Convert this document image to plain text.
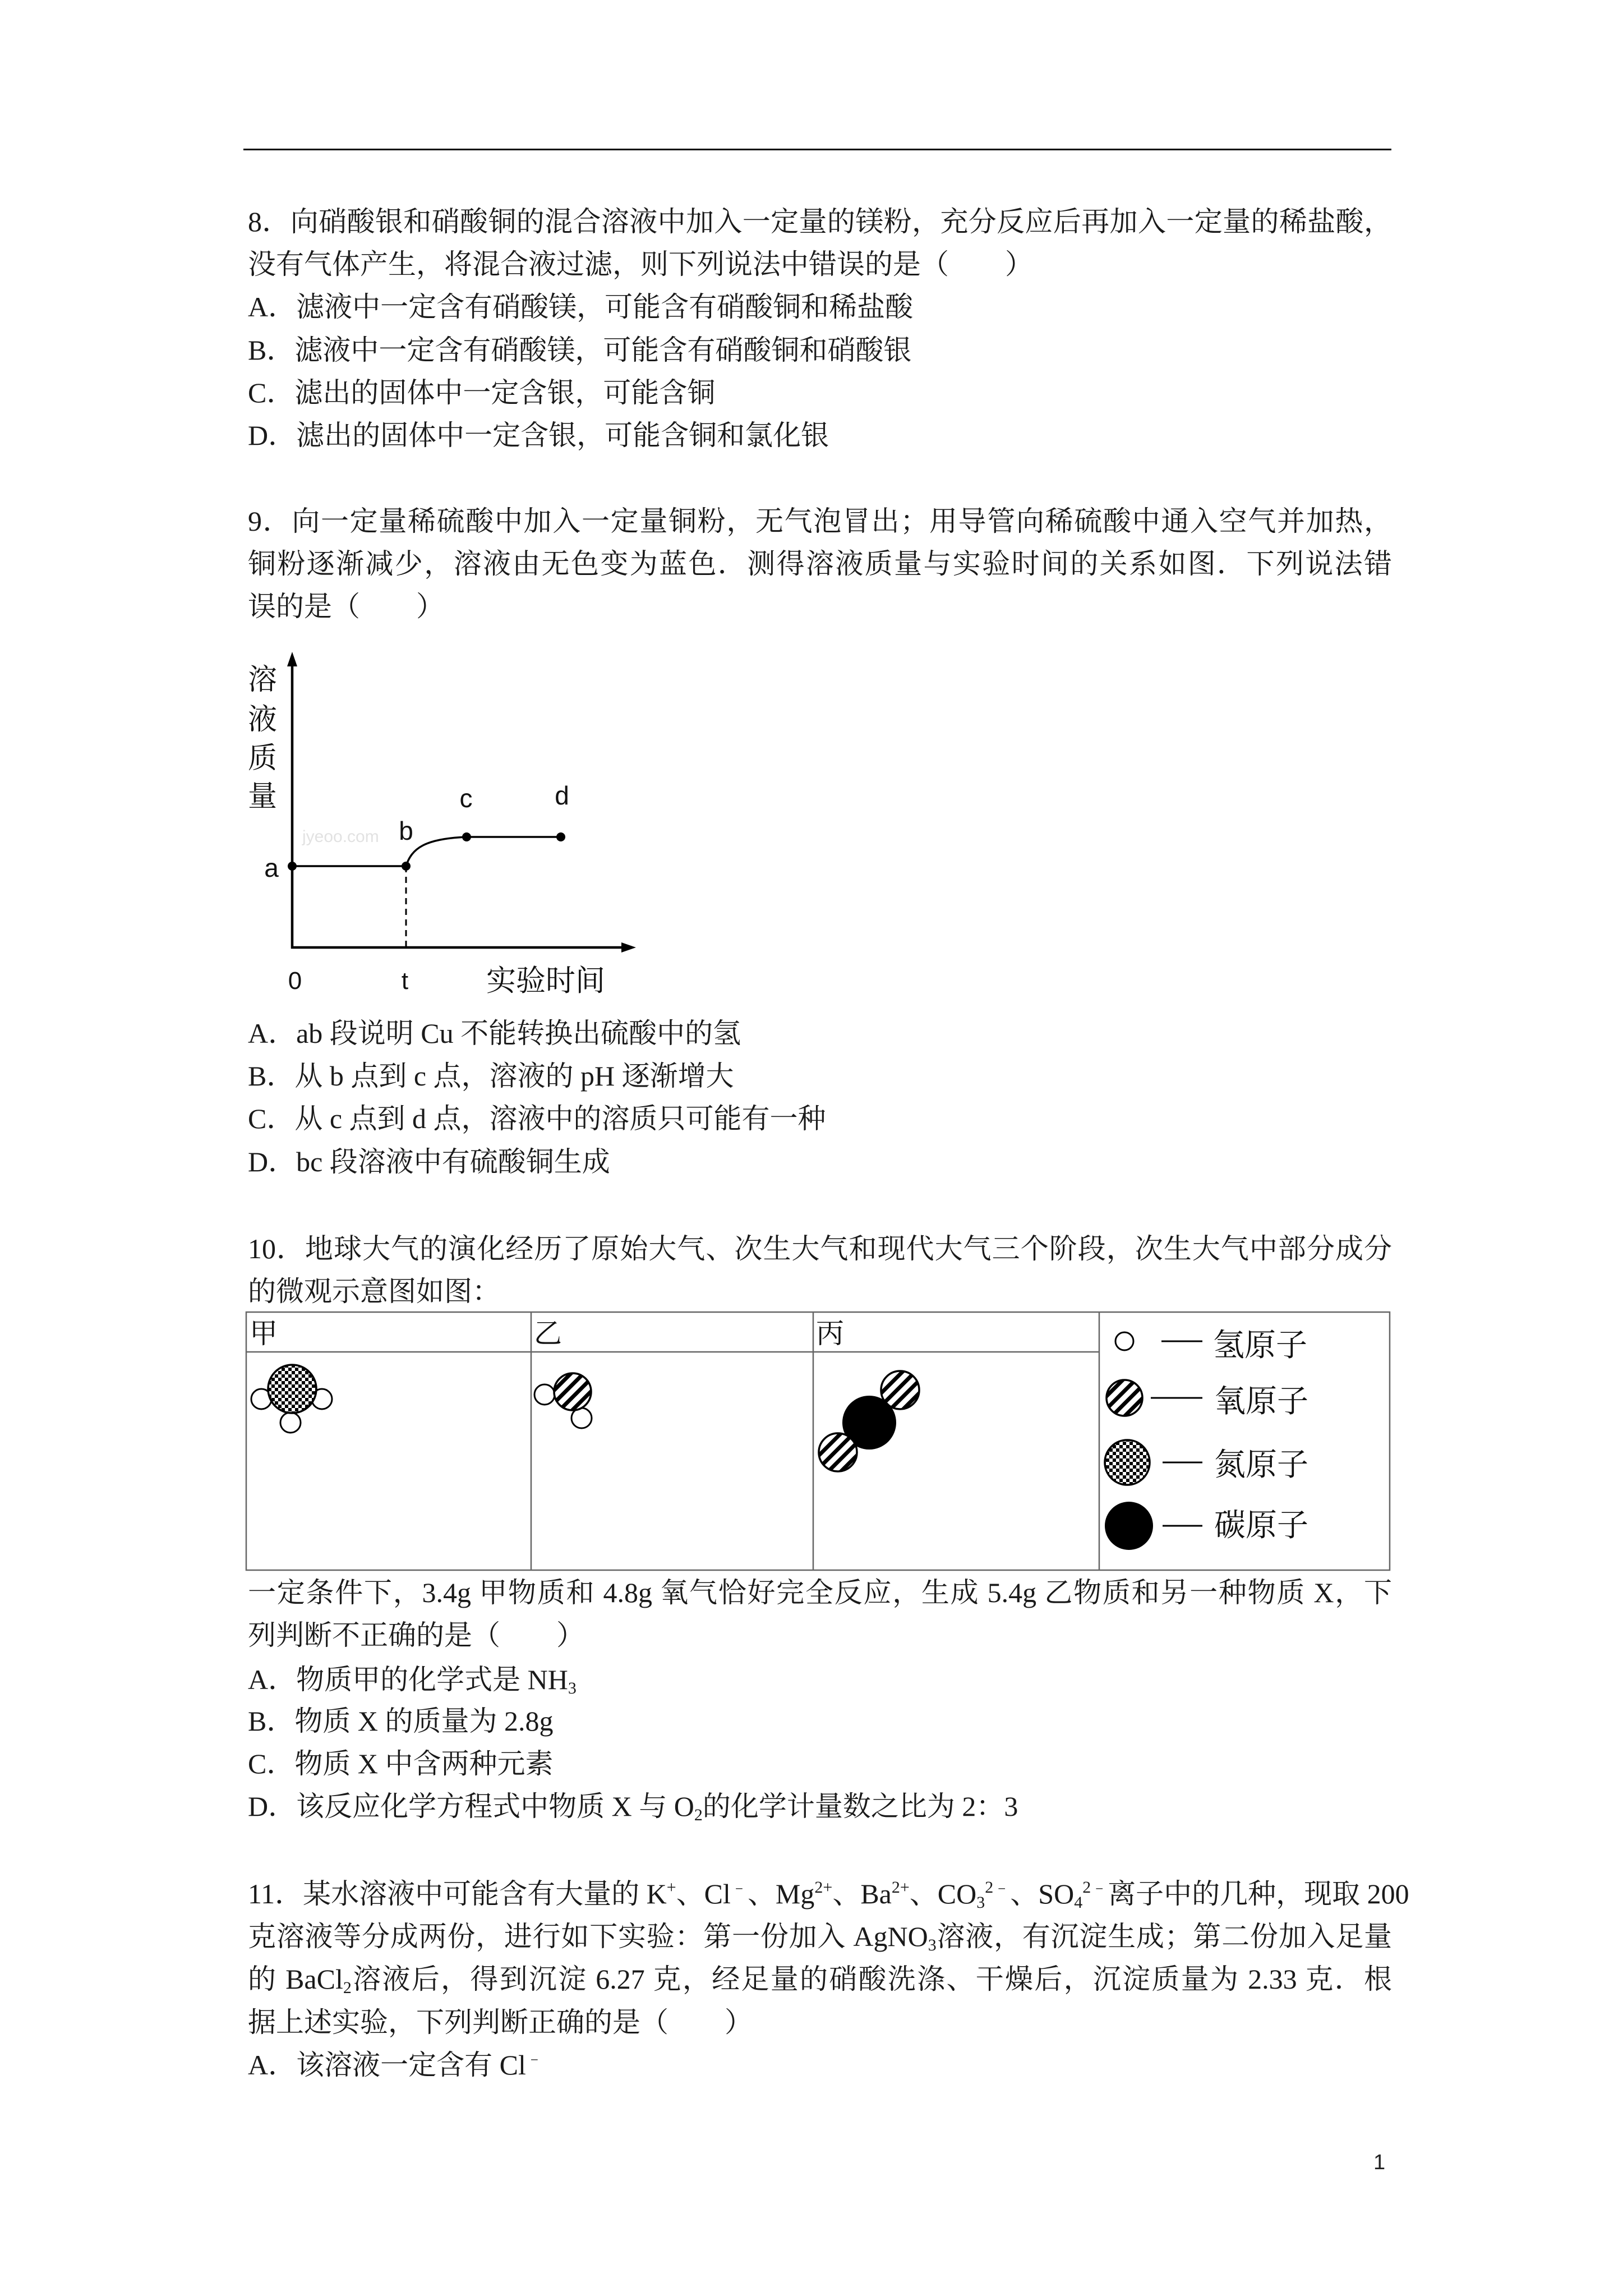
8．向硝酸银和硝酸铜的混合溶液中加入一定量的镁粉，充分反应后再加入一定量的稀盐酸，
没有气体产生，将混合液过滤，则下列说法中错误的是（　　）
A．滤液中一定含有硝酸镁，可能含有硝酸铜和稀盐酸
B．滤液中一定含有硝酸镁，可能含有硝酸铜和硝酸银
C．滤出的固体中一定含银，可能含铜
D．滤出的固体中一定含银，可能含铜和氯化银
9．向一定量稀硫酸中加入一定量铜粉，无气泡冒出；用导管向稀硫酸中通入空气并加热，
铜粉逐渐减少，溶液由无色变为蓝色．测得溶液质量与实验时间的关系如图．下列说法错
误的是（　　）
jyeoo.com
溶
液
质
量
实验时间
0	t
a
b
c	d
A．ab 段说明 Cu 不能转换出硫酸中的氢
B．从 b 点到 c 点，溶液的 pH 逐渐增大
C．从 c 点到 d 点，溶液中的溶质只可能有一种
D．bc 段溶液中有硫酸铜生成
10．地球大气的演化经历了原始大气、次生大气和现代大气三个阶段，次生大气中部分成分
的微观示意图如图：
甲	乙	丙	氢原子
氧原子
氮原子
碳原子
一定条件下，3.4g 甲物质和 4.8g 氧气恰好完全反应，生成 5.4g 乙物质和另一种物质 X，下
列判断不正确的是（　　）
A．物质甲的化学式是 NH3
B．物质 X 的质量为 2.8g
C．物质 X 中含两种元素
D．该反应化学方程式中物质 X 与 O2的化学计量数之比为 2：3
11．某水溶液中可能含有大量的 K+、Cl﹣、$Mg^{2+}$、$Ba^{2+}$、$CO3^{2﹣}$、$SO4^{2﹣}$离子中的几种，现取 200
克溶液等分成两份，进行如下实验：第一份加入 AgNO3溶液，有沉淀生成；第二份加入足量
的 BaCl2溶液后，得到沉淀 6.27 克，经足量的硝酸洗涤、干燥后，沉淀质量为 2.33 克．根
据上述实验，下列判断正确的是（　　）
A．该溶液一定含有 Cl﹣
1
